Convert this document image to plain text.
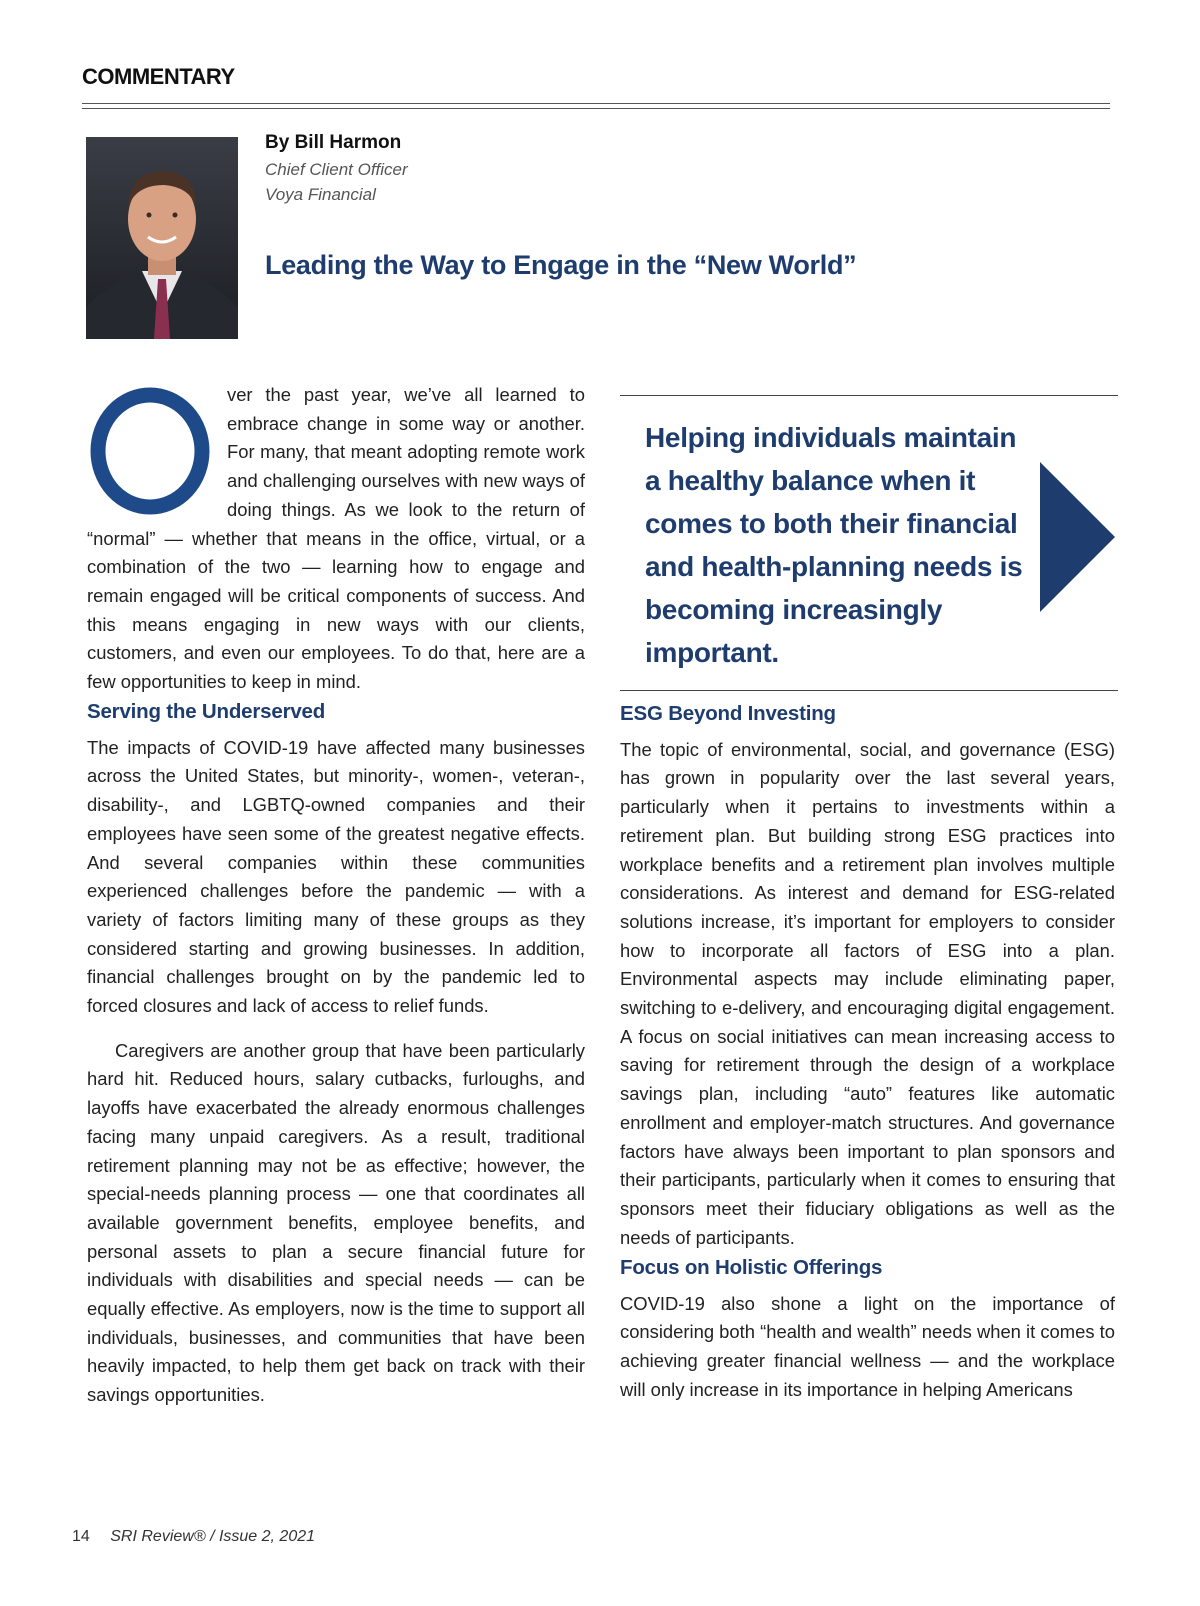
COMMENTARY
By Bill Harmon
Chief Client Officer
Voya Financial
Leading the Way to Engage in the “New World”
O	ver the past year, we’ve all learned to embrace change in some way or another. For many, that meant adopting remote work and challenging ourselves with new ways of doing things. As we look to the return of “normal” — whether that means in the office, virtual, or a combination of the two — learning how to engage and remain engaged will be critical components of success. And this means engaging in new ways with our clients, customers, and even our employees. To do that, here are a few opportunities to keep in mind.

Serving the Underserved

The impacts of COVID-19 have affected many businesses across the United States, but minority-, women-, veteran-, disability-, and LGBTQ-owned companies and their employees have seen some of the greatest negative effects. And several companies within these communities experienced challenges before the pandemic — with a variety of factors limiting many of these groups as they considered starting and growing businesses. In addition, financial challenges brought on by the pandemic led to forced closures and lack of access to relief funds.

Caregivers are another group that have been particularly hard hit. Reduced hours, salary cutbacks, furloughs, and layoffs have exacerbated the already enormous challenges facing many unpaid caregivers. As a result, traditional retirement planning may not be as effective; however, the special-needs planning process — one that coordinates all available government benefits, employee benefits, and personal assets to plan a secure financial future for individuals with disabilities and special needs — can be equally effective. As employers, now is the time to support all individuals, businesses, and communities that have been heavily impacted, to help them get back on track with their savings opportunities.

Helping individuals maintain a healthy balance when it comes to both their financial and health-planning needs is becoming increasingly important.
ESG Beyond Investing

The topic of environmental, social, and governance (ESG) has grown in popularity over the last several years, particularly when it pertains to investments within a retirement plan. But building strong ESG practices into workplace benefits and a retirement plan involves multiple considerations. As interest and demand for ESG-related solutions increase, it’s important for employers to consider how to incorporate all factors of ESG into a plan. Environmental aspects may include eliminating paper, switching to e-delivery, and encouraging digital engagement. A focus on social initiatives can mean increasing access to saving for retirement through the design of a workplace savings plan, including “auto” features like automatic enrollment and employer-match structures. And governance factors have always been important to plan sponsors and their participants, particularly when it comes to ensuring that sponsors meet their fiduciary obligations as well as the needs of participants.

Focus on Holistic Offerings

COVID-19 also shone a light on the importance of considering both “health and wealth” needs when it comes to achieving greater financial wellness — and the workplace will only increase in its importance in helping Americans

14 SRI Review® / Issue 2, 2021
